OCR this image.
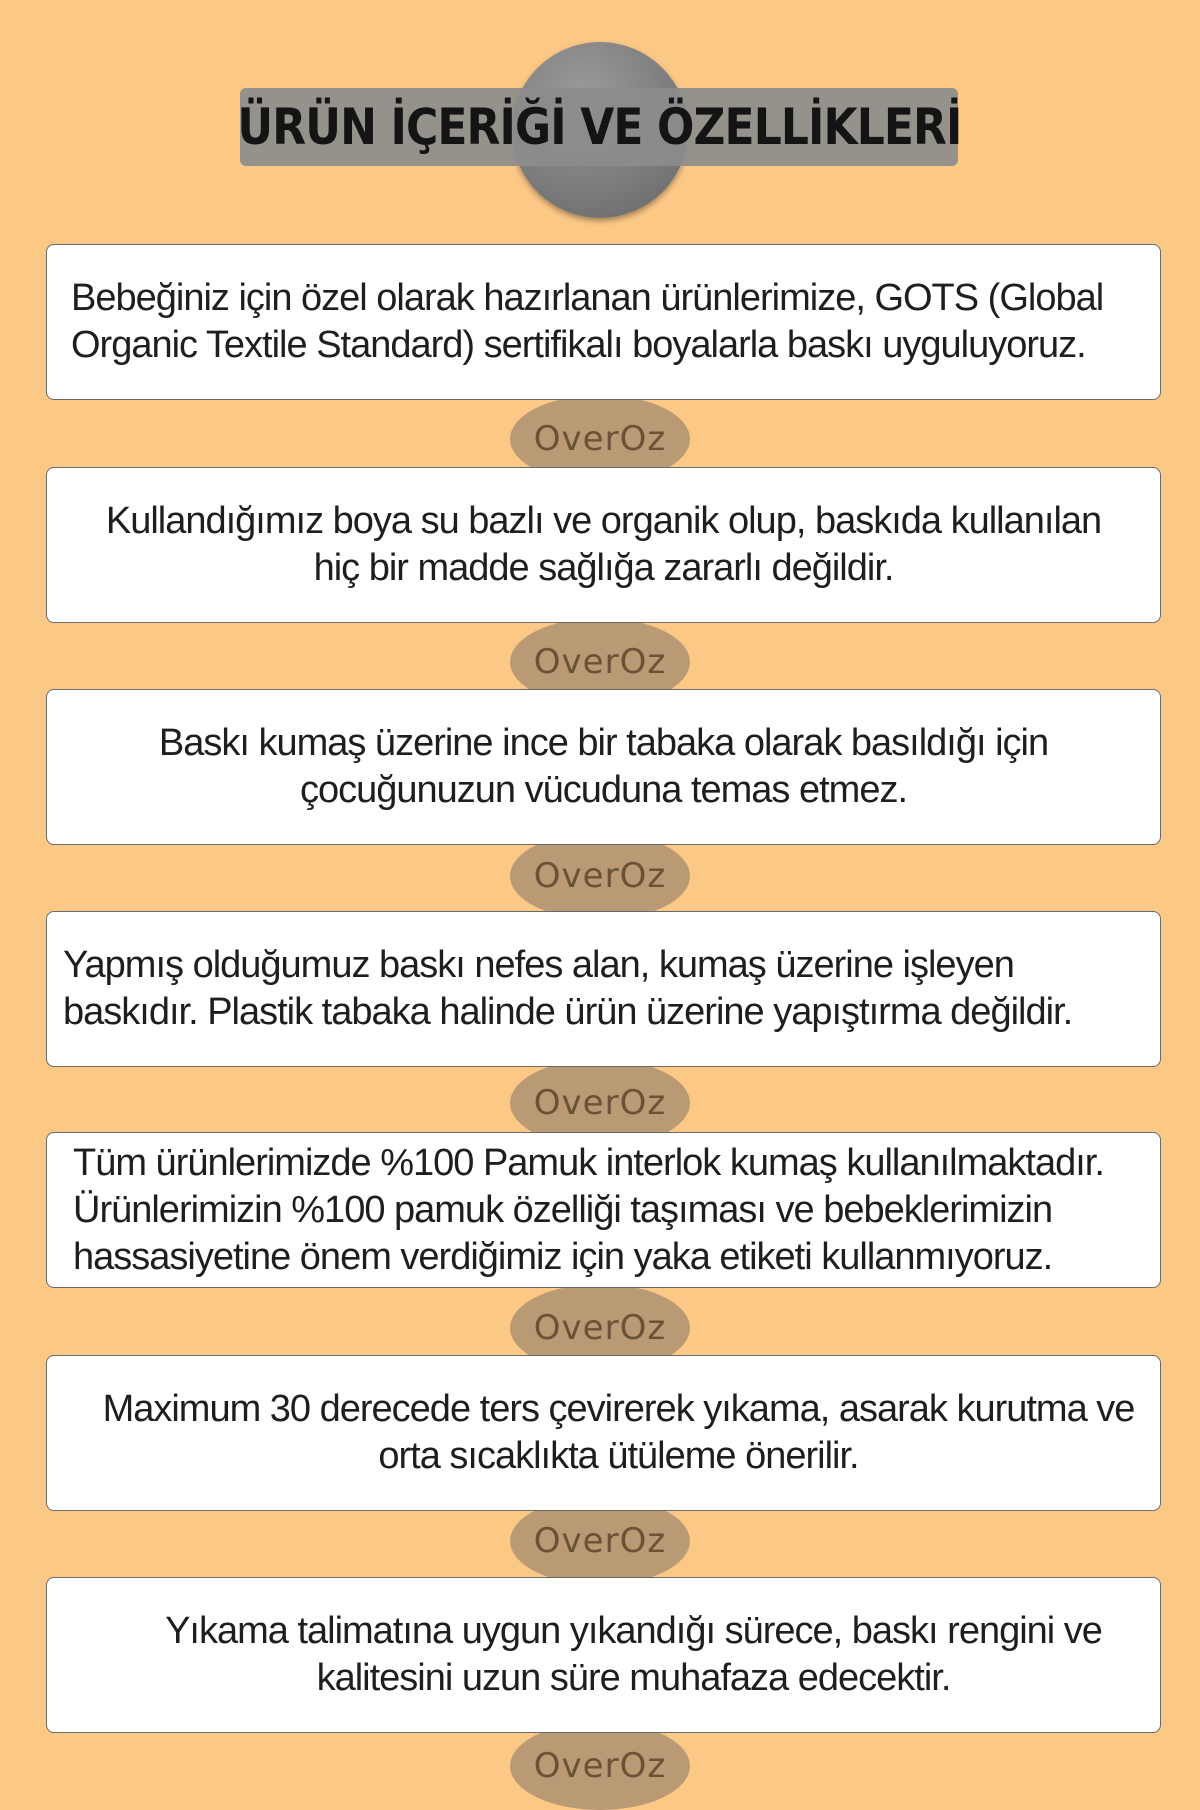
ÜRÜN İÇERİĞİ VE ÖZELLİKLERİ
OverOz
OverOz
OverOz
OverOz
OverOz
OverOz
OverOz
Bebeğiniz için özel olarak hazırlanan ürünlerimize, GOTS (Global
Organic Textile Standard) sertifikalı boyalarla baskı uyguluyoruz.
Kullandığımız boya su bazlı ve organik olup, baskıda kullanılan
hiç bir madde sağlığa zararlı değildir.
Baskı kumaş üzerine ince bir tabaka olarak basıldığı için
çocuğunuzun vücuduna temas etmez.
Yapmış olduğumuz baskı nefes alan, kumaş üzerine işleyen
baskıdır. Plastik tabaka halinde ürün üzerine yapıştırma değildir.
Tüm ürünlerimizde %100 Pamuk interlok kumaş kullanılmaktadır.
Ürünlerimizin %100 pamuk özelliği taşıması ve bebeklerimizin
hassasiyetine önem verdiğimiz için yaka etiketi kullanmıyoruz.
Maximum 30 derecede ters çevirerek yıkama, asarak kurutma ve
orta sıcaklıkta ütüleme önerilir.
Yıkama talimatına uygun yıkandığı sürece, baskı rengini ve
kalitesini uzun süre muhafaza edecektir.
